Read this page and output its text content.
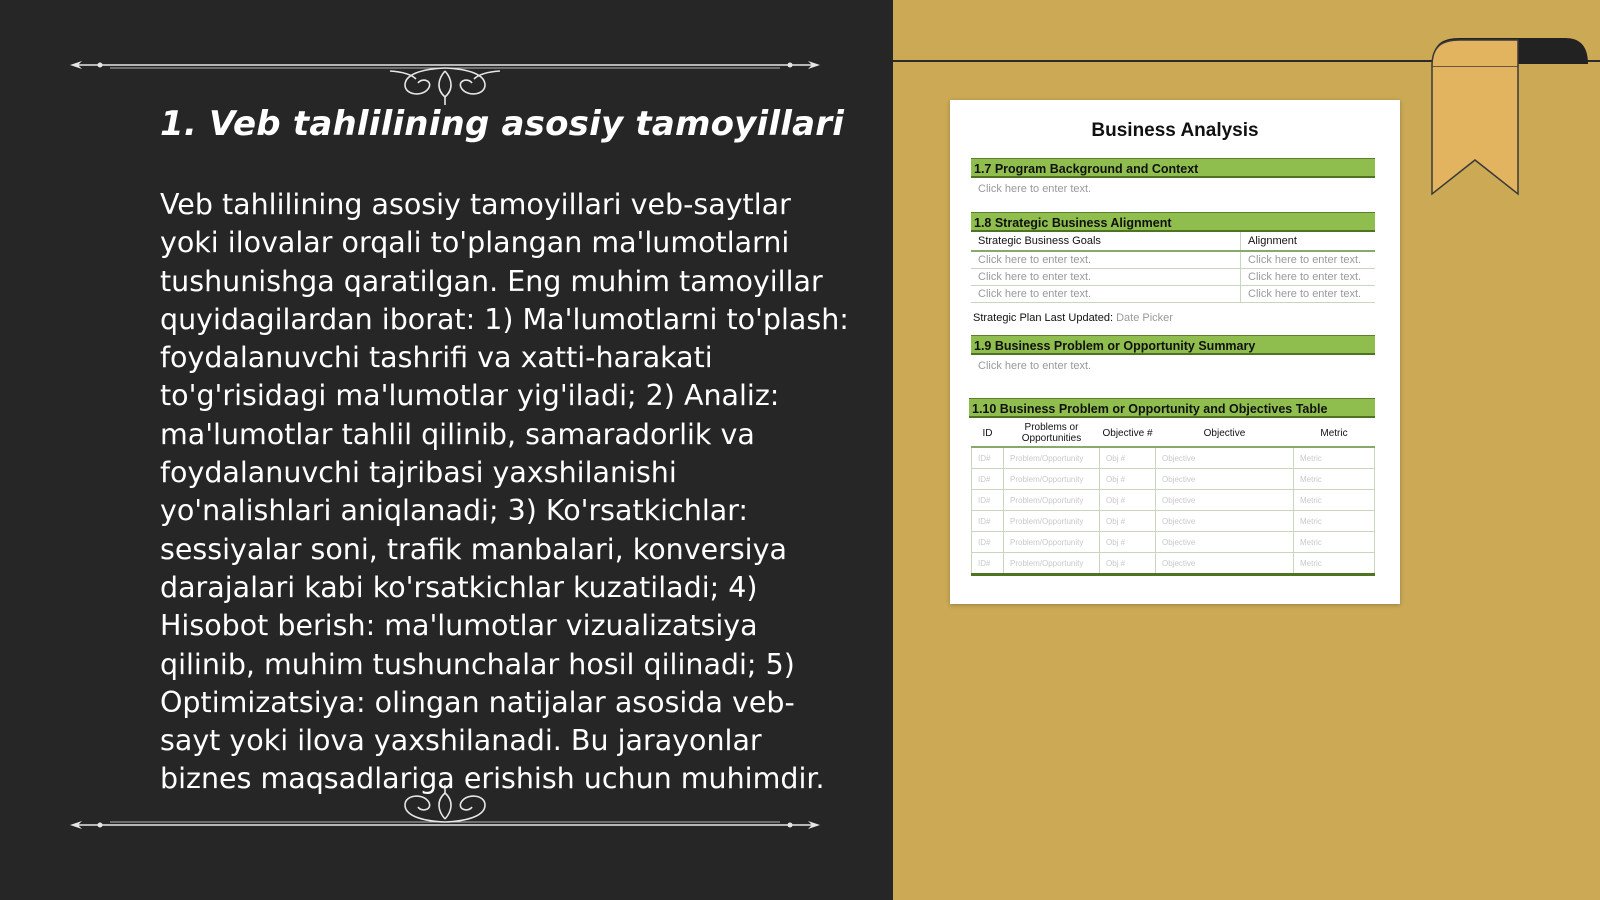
1. Veb tahlilining asosiy tamoyillari

Veb tahlilining asosiy tamoyillari veb-saytlar yoki ilovalar orqali to'plangan ma'lumotlarni tushunishga qaratilgan. Eng muhim tamoyillar quyidagilardan iborat: 1) Ma'lumotlarni to'plash: foydalanuvchi tashrifi va xatti-harakati to'g'risidagi ma'lumotlar yig'iladi; 2) Analiz: ma'lumotlar tahlil qilinib, samaradorlik va foydalanuvchi tajribasi yaxshilanishi yo'nalishlari aniqlanadi; 3) Ko'rsatkichlar: sessiyalar soni, trafik manbalari, konversiya darajalari kabi ko'rsatkichlar kuzatiladi; 4) Hisobot berish: ma'lumotlar vizualizatsiya qilinib, muhim tushunchalar hosil qilinadi; 5) Optimizatsiya: olingan natijalar asosida veb-sayt yoki ilova yaxshilanadi. Bu jarayonlar biznes maqsadlariga erishish uchun muhimdir.

Business Analysis
1.7 Program Background and Context
Click here to enter text.
1.8 Strategic Business Alignment
Strategic Business Goals	Alignment
Click here to enter text.	Click here to enter text.
Click here to enter text.	Click here to enter text.
Click here to enter text.	Click here to enter text.
Strategic Plan Last Updated: Date Picker
1.9 Business Problem or Opportunity Summary
Click here to enter text.
1.10 Business Problem or Opportunity and Objectives Table
ID	Problems or Opportunities	Objective #	Objective	Metric
ID#	Problem/Opportunity	Obj #	Objective	Metric
ID#	Problem/Opportunity	Obj #	Objective	Metric
ID#	Problem/Opportunity	Obj #	Objective	Metric
ID#	Problem/Opportunity	Obj #	Objective	Metric
ID#	Problem/Opportunity	Obj #	Objective	Metric
ID#	Problem/Opportunity	Obj #	Objective	Metric
